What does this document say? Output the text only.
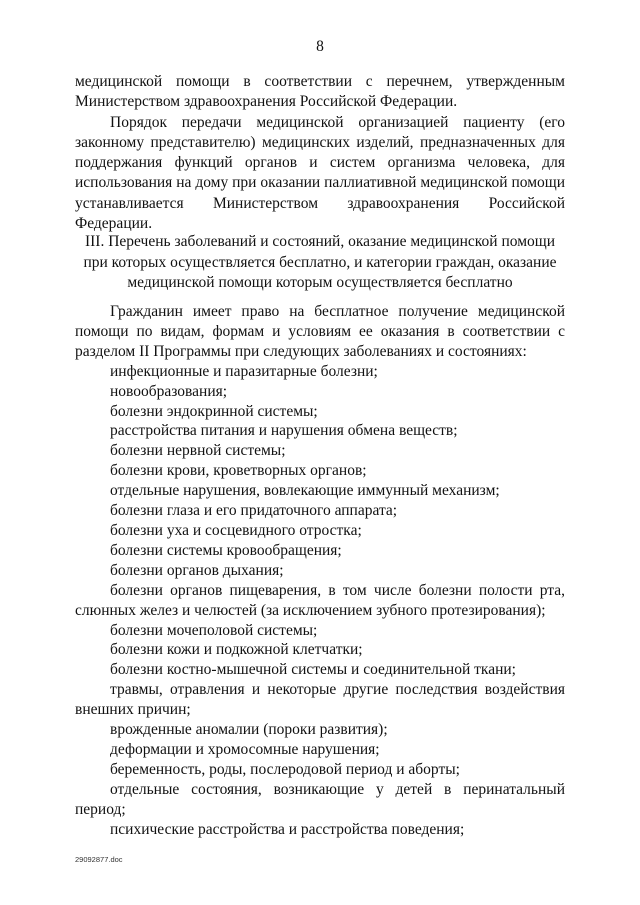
8

медицинской помощи в соответствии с перечнем, утвержденным Министерством здравоохранения Российской Федерации.

Порядок передачи медицинской организацией пациенту (его законному представителю) медицинских изделий, предназначенных для поддержания функций органов и систем организма человека, для использования на дому при оказании паллиативной медицинской помощи устанавливается Министерством здравоохранения Российской Федерации.

III. Перечень заболеваний и состояний, оказание медицинской помощи при которых осуществляется бесплатно, и категории граждан, оказание медицинской помощи которым осуществляется бесплатно

Гражданин имеет право на бесплатное получение медицинской помощи по видам, формам и условиям ее оказания в соответствии с разделом II Программы при следующих заболеваниях и состояниях:

инфекционные и паразитарные болезни;

новообразования;

болезни эндокринной системы;

расстройства питания и нарушения обмена веществ;

болезни нервной системы;

болезни крови, кроветворных органов;

отдельные нарушения, вовлекающие иммунный механизм;

болезни глаза и его придаточного аппарата;

болезни уха и сосцевидного отростка;

болезни системы кровообращения;

болезни органов дыхания;

болезни органов пищеварения, в том числе болезни полости рта, слюнных желез и челюстей (за исключением зубного протезирования);

болезни мочеполовой системы;

болезни кожи и подкожной клетчатки;

болезни костно-мышечной системы и соединительной ткани;

травмы, отравления и некоторые другие последствия воздействия внешних причин;

врожденные аномалии (пороки развития);

деформации и хромосомные нарушения;

беременность, роды, послеродовой период и аборты;

отдельные состояния, возникающие у детей в перинатальный период;

психические расстройства и расстройства поведения;

29092877.doc
